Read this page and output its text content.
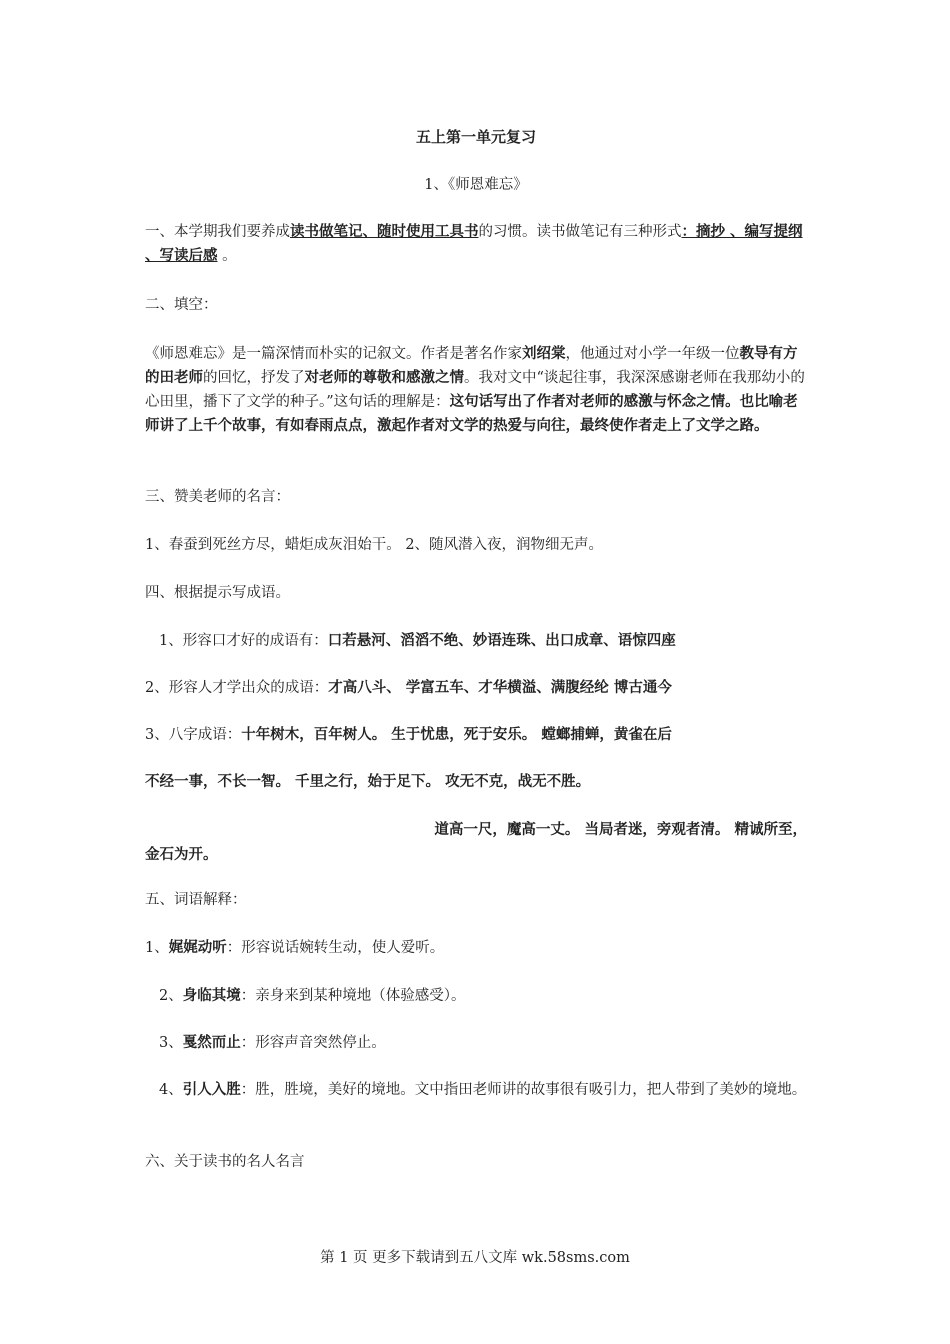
五上第一单元复习

1、《师恩难忘》

一、本学期我们要养成读书做笔记、随时使用工具书的习惯。读书做笔记有三种形式：摘抄 、编写提纲 、写读后感 。

二、填空：

《师恩难忘》是一篇深情而朴实的记叙文。作者是著名作家刘绍棠，他通过对小学一年级一位教导有方的田老师的回忆，抒发了对老师的尊敬和感激之情。我对文中“谈起往事，我深深感谢老师在我那幼小的心田里，播下了文学的种子。”这句话的理解是：这句话写出了作者对老师的感激与怀念之情。也比喻老师讲了上千个故事，有如春雨点点，激起作者对文学的热爱与向往，最终使作者走上了文学之路。

三、赞美老师的名言：

1、春蚕到死丝方尽，蜡炬成灰泪始干。 2、随风潜入夜，润物细无声。

四、根据提示写成语。

1、形容口才好的成语有：口若悬河、滔滔不绝、妙语连珠、出口成章、语惊四座

2、形容人才学出众的成语：才高八斗、 学富五车、才华横溢、满腹经纶 博古通今

3、八字成语：十年树木，百年树人。 生于忧患，死于安乐。 螳螂捕蝉，黄雀在后

不经一事，不长一智。 千里之行，始于足下。 攻无不克，战无不胜。

道高一尺，魔高一丈。 当局者迷，旁观者清。 精诚所至，

金石为开。

五、词语解释：

1、娓娓动听：形容说话婉转生动，使人爱听。

2、身临其境：亲身来到某种境地（体验感受）。

3、戛然而止：形容声音突然停止。

4、引人入胜：胜，胜境，美好的境地。文中指田老师讲的故事很有吸引力，把人带到了美妙的境地。

六、关于读书的名人名言

第 1 页 更多下载请到五八文库 wk.58sms.com
